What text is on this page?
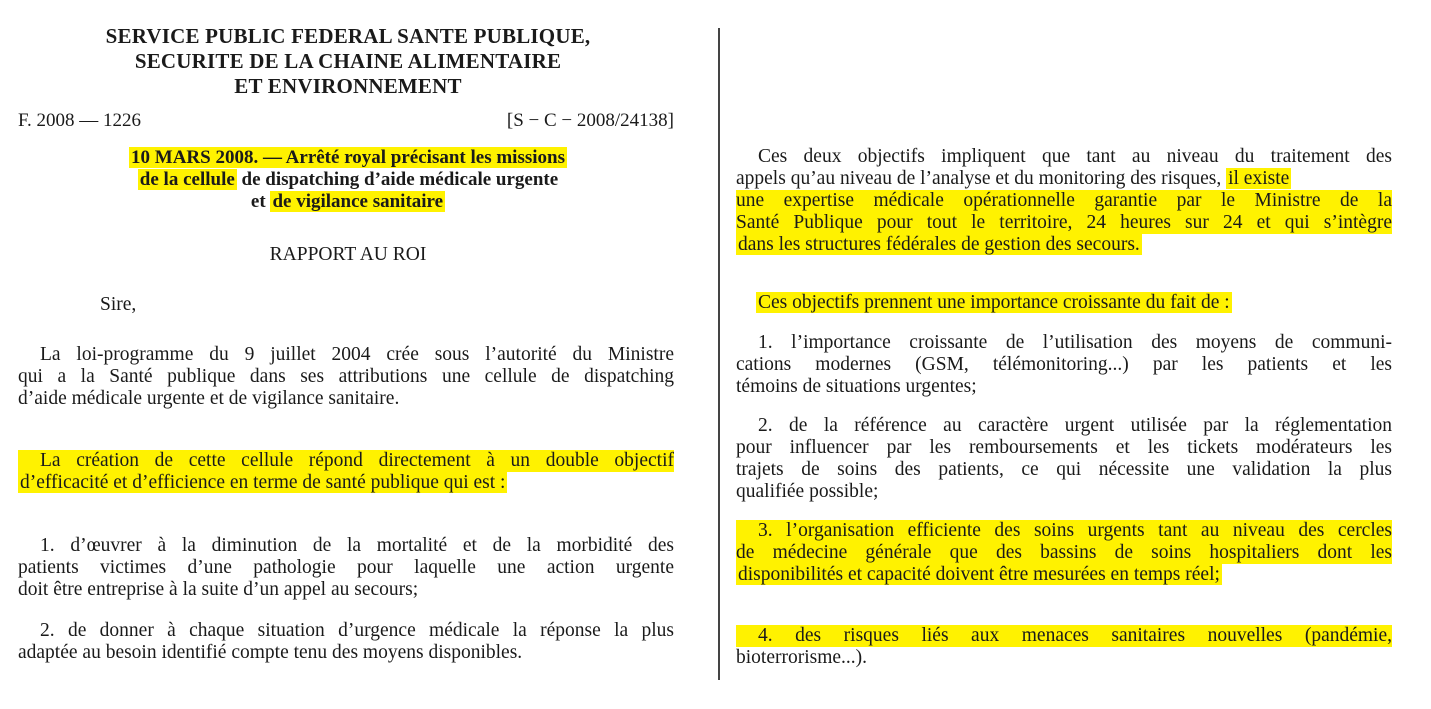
SERVICE PUBLIC FEDERAL SANTE PUBLIQUE,
SECURITE DE LA CHAINE ALIMENTAIRE
ET ENVIRONNEMENT
F. 2008 — 1226	[S − C − 2008/24138]
10 MARS 2008. — Arrêté royal précisant les missions
de la cellule de dispatching d’aide médicale urgente
et de vigilance sanitaire
RAPPORT AU ROI
Sire,
La loi-programme du 9 juillet 2004 crée sous l’autorité du Ministre
qui a la Santé publique dans ses attributions une cellule de dispatching
d’aide médicale urgente et de vigilance sanitaire.
La création de cette cellule répond directement à un double objectif
d’efficacité et d’efficience en terme de santé publique qui est :
1. d’œuvrer à la diminution de la mortalité et de la morbidité des
patients victimes d’une pathologie pour laquelle une action urgente
doit être entreprise à la suite d’un appel au secours;
2. de donner à chaque situation d’urgence médicale la réponse la plus
adaptée au besoin identifié compte tenu des moyens disponibles.
Ces deux objectifs impliquent que tant au niveau du traitement des
appels qu’au niveau de l’analyse et du monitoring des risques, il existe
une expertise médicale opérationnelle garantie par le Ministre de la
Santé Publique pour tout le territoire, 24 heures sur 24 et qui s’intègre
dans les structures fédérales de gestion des secours.
Ces objectifs prennent une importance croissante du fait de :
1. l’importance croissante de l’utilisation des moyens de communi-
cations modernes (GSM, télémonitoring...) par les patients et les
témoins de situations urgentes;
2. de la référence au caractère urgent utilisée par la réglementation
pour influencer par les remboursements et les tickets modérateurs les
trajets de soins des patients, ce qui nécessite une validation la plus
qualifiée possible;
3. l’organisation efficiente des soins urgents tant au niveau des cercles
de médecine générale que des bassins de soins hospitaliers dont les
disponibilités et capacité doivent être mesurées en temps réel;
4. des risques liés aux menaces sanitaires nouvelles (pandémie,
bioterrorisme...).
